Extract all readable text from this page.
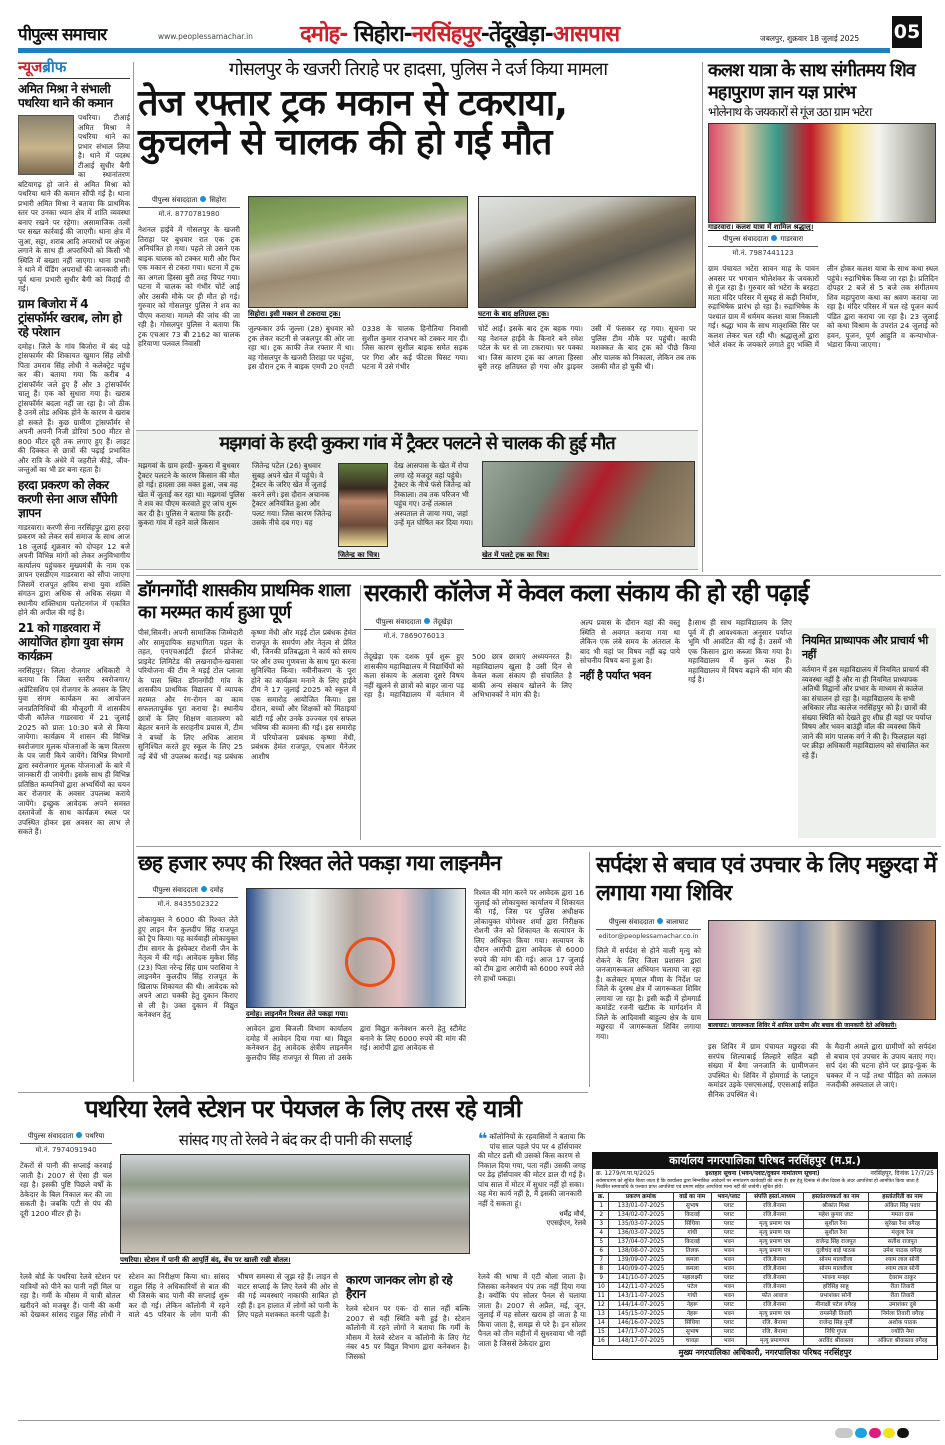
पीपुल्स समाचार	www.peoplessamachar.in दमोह- सिहोरा-नरसिंहपुर-तेंदूखेड़ा-आसपास	जबलपुर, शुक्रवार 18 जुलाई 2025 05
न्यूजब्रीफ
अमित मिश्रा ने संभाली पथरिया थाने की कमान
पथरिया। टीआई अमित मिश्रा ने पथरिया थाने का प्रभार संभाल लिया है। थाने में पदस्थ टीआई सुधीर बैगी का स्थानांतरण बटियागढ़ हो जाने से अमित मिश्रा को पथरिया थाने की कमान सौंपी गई है। थाना प्रभारी अमित मिश्रा ने बताया कि प्राथमिक स्तर पर उनका ध्यान क्षेत्र में शांति व्यवस्था बनाए रखने पर रहेगा। असामाजिक तत्वों पर सख्त कार्रवाई की जाएगी। थाना क्षेत्र में जुआ, सट्टा, शराब आदि अपराधों पर अंकुश लगाने के साथ ही अपराधियों को किसी भी स्थिति में बख्शा नहीं जाएगा। थाना प्रभारी ने थाने में पेंडिंग अपराधों की जानकारी ली। पूर्व थाना प्रभारी सुधीर बैगी को विदाई दी गई।
ग्राम बिजोरा में 4 ट्रांसफॉर्मर खराब, लोग हो रहे परेशान
दमोह। जिले के गांव बिजोरा में बंद पड़े ट्रांसफार्मर की शिकायत खुमान सिंह लोधी पिता उमराव सिंह लोधी ने कलेक्ट्रेट पहुंच कर की। बताया गया कि करीब 4 ट्रांसफॉर्मर जले हुए हैं और 3 ट्रांसफॉर्मर चालू हैं। एक को सुधारा गया है। खराब ट्रांसफॉर्मर बदला नहीं जा रहा है। जो ठीक है उनमें लोड अधिक होने के कारण वे खराब हो सकते हैं। कुछ ग्रामीण ट्रांसफॉर्मर से अपनी अपनी निजी डोरियां 500 मीटर से 800 मीटर दूरी तक लगाए हुए हैं। लाइट की दिक्कत से छात्रों की पढ़ाई प्रभावित और रात्रि के अंधेरे में जहरीले कीड़े, जीव-जन्तुओं का भी डर बना रहता है।
हरदा प्रकरण को लेकर करणी सेना आज सौंपेगी ज्ञापन
गाडरवारा। करणी सेना नरसिंहपुर द्वारा हरदा प्रकरण को लेकर सर्व समाज के साथ आज 18 जुलाई शुक्रवार को दोपहर 12 बजे अपनी विभिन्न मांगों को लेकर अनुविभागीय कार्यालय पहुंचकर मुख्यमंत्री के नाम एक ज्ञापन एसडीएम गाडरवारा को सौंपा जाएगा जिसमें राजपूत क्षत्रिय सभा युवा शक्ति संगठन द्वारा अधिक से अधिक संख्या में स्थानीय शक्तिधाम पलोटनगंज में एकत्रित होने की अपील की गई है।
21 को गाडरवारा में आयोजित होगा युवा संगम कार्यक्रम
नरसिंहपुर। जिला रोजगार अधिकारी ने बताया कि जिला स्तरीय स्वरोजगार/ अप्रेंटिसशिप एवं रोजगार के अवसर के लिए युवा संगम कार्यक्रम का आयोजन जनप्रतिनिधियों की मौजूदगी में शासकीय पीजी कॉलेज गाडरवारा में 21 जुलाई 2025 को प्रातः 10:30 बजे से किया जायेगा। कार्यक्रम में शासन की विभिन्न स्वरोजगार मूलक योजनाओं के ऋण वितरण के पत्र जारी किये जायेंगे। विभिन्न विभागों द्वारा स्वरोजगार मूलक योजनाओं के बारे में जानकारी दी जायेगी। इसके साथ ही विभिन्न प्रतिष्ठित कम्पनियों द्वारा अभ्यर्थियों का चयन कर रोजगार के अवसर उपलब्ध कराये जायेंगे। इच्छुक आवेदक अपने समस्त दस्तावेजों के साथ कार्यक्रम स्थल पर उपस्थित होकर इस अवसर का लाभ ले सकते हैं।
गोसलपुर के खजरी तिराहे पर हादसा, पुलिस ने दर्ज किया मामला
तेज रफ्तार ट्रक मकान से टकराया,
कुचलने से चालक की हो गई मौत
पीपुल्स संवाददाता सिहोरा
मो.नं. 8770781980
नेशनल हाईवे में गोसलपुर के खजरी तिराहा पर बुधवार रात एक ट्रक अनियंत्रित हो गया। पहले तो उसने एक बाइक चालक को टक्कर मारी और फिर एक मकान से टकरा गया। घटना में ट्रक का अगला हिस्सा बुरी तरह चिपट गया। घटना में चालक को गंभीर चोटें आई और उसकी मौके पर ही मौत हो गई। गुरुवार को गोसलपुर पुलिस ने शव का पीएम कराया। मामले की जांच की जा रही है। गोसलपुर पुलिस ने बताया कि ट्रक एचआर 73 बी 2162 का चालक हरियाणा पलवल निवासी
सिहोरा। इसी मकान से टकराया ट्रक।	घटना के बाद क्षतिग्रस्त ट्रक।
जुल्फकार उर्फ जुल्ला (28) बुधवार को ट्रक लेकर कटनी से जबलपुर की ओर जा रहा था। ट्रक काफी तेज रफ्तार में था। वह गोसलपुर के खजरी तिराहा पर पहुंचा, इस दौरान ट्रक ने बाइक एमपी 20 एनटी 0338 के चालक हिनौतिया निवासी सुशील कुमार राजभर को टक्कर मार दी। जिस कारण सुशील बाइक समेत सड़क पर गिरा और कई फीटस घिसट गया। घटना में उसे गंभीर
चोटें आईं। इसके बाद ट्रक बहक गया। यह नेशनल हाईवे के किनारे बने रमेश पटेल के घर से जा टकराया। घर पक्का था। जिस कारण ट्रक का अगला हिस्सा बुरी तरह क्षतिग्रस्त हो गया और ड्राइवर उसी में फंसकर रह गया। सूचना पर पुलिस टीम मौके पर पहुंची। काफी मशक्कत के बाद ट्रक को पीछे किया और चालक को निकाला, लेकिन तब तक उसकी मौत हो चुकी थी।
मझगवां के हरदी कुकरा गांव में ट्रैक्टर पलटने से चालक की हुई मौत
मझगवां के ग्राम हरदी- कुकरा में बुधवार ट्रैक्टर पलटने के कारण किसान की मौत हो गई। हादसा उस वक्त हुआ, जब वह खेत में जुताई कर रहा था। मझगवां पुलिस ने शव का पीएम करवाते हुए जांच शुरू कर दी है। पुलिस ने बताया कि हरदी- कुकरा गांव में रहने वाले किसान
जितेन्द्र पटेल (26) बुधवार सुबह अपने खेत में पहुंचे। वे ट्रैक्टर के जरिए खेत में जुताई करने लगे। इस दौरान अचानक ट्रैक्टर अनियंत्रित हुआ और पलट गया। जिस कारण जितेन्द्र उसके नीचे दब गए। यह
जितेन्द्र का चित्र।
देख आसपास के खेत में रोपा लगा रहे मजदूर वहां पहुंचे। ट्रैक्टर के नीचे फंसे जितेन्द्र को निकाला। तब तक परिजन भी पहुंच गए। उन्हें तत्काल अस्पताल ले जाया गया, जहां उन्हें मृत घोषित कर दिया गया।
खेत में पलटे ट्रक का चित्र।
कलश यात्रा के साथ संगीतमय शिव महापुराण ज्ञान यज्ञ प्रारंभ
भोलेनाथ के जयकारों से गूंज उठा ग्राम भटेरा
गाडरवारा। कलश यात्रा में शामिल श्रद्धालु।
पीपुल्स संवाददाता गाडरवारा
मो.नं. 7987441123
ग्राम पंचायत भटेरा सावन माह के पावन अवसर पर भगवान भोलेशंकर के जयकारों से गूंज रहा है। गुरुवार को भटेरा के बरहटा माता मंदिर परिसर में सुबह से कड़ी निर्माण, रुद्राभिषेक प्रारंभ हो रहा है। रुद्राभिषेक के पश्चात ग्राम में धर्ममय कलश यात्रा निकाली गई। श्रद्धा भाव के साथ मातृशक्ति सिर पर कलश लेकर चल रही थी। श्रद्धालुओं द्वारा भोले शंकर के जयकारे लगाते हुए भक्ति में लीन होकर कलश यात्रा के साथ कथा स्थल पहुंचे। रुद्राभिषेक किया जा रहा है। प्रतिदिन दोपहर 2 बजे से 5 बजे तक संगीतमय शिव महापुराण कथा का श्रवण कराया जा रहा है। मंदिर परिसर में चल रहे पूजन कार्य पंडित द्वारा कराया जा रहा है। 23 जुलाई को कथा विश्राम के उपरांत 24 जुलाई को हवन, पूजन, पूर्ण आहुति व कन्याभोज-भंडारा किया जाएगा।
डॉगनगोंदी शासकीय प्राथमिक शाला का मरम्मत कार्य हुआ पूर्ण
पीसं,सिवनी। अपनी सामाजिक जिम्मेदारी और सामुदायिक सहभागिता पहल के तहत, एनएचआईटी ईस्टर्न प्रोजेक्ट प्राइवेट लिमिटेड की लखनादौन-खवासा परियोजना की टीम ने मड़ई टोल प्लाजा के पास स्थित डॉगनगोंदी गांव के शासकीय प्राथमिक विद्यालय में व्यापक मरम्मत और रंग-रोगन का काम सफलतापूर्वक पूरा कराया है। स्थानीय छात्रों के लिए शिक्षण वातावरण को बेहतर बनाने के सराहनीय प्रयास में, टीम ने बच्चों के लिए अधिक आराम सुनिश्चित करते हुए स्कूल के लिए 25 नई बेंचें भी उपलब्ध कराईं। यह प्रबंधक कृष्णा मेंधी और मड़ई टोल प्रबंधक हेमंत राजपूत के समर्पण और नेतृत्व से प्रेरित थी, जिनकी प्रतिबद्धता ने कार्य को समय पर और उच्च गुणवत्ता के साथ पूरा करना सुनिश्चित किया। नवीनीकरण के पूरा होने का कार्यक्रम मनाने के लिए हाईवे टीम ने 17 जुलाई 2025 को स्कूल में एक समारोह आयोजित किया। इस दौरान, बच्चों और शिक्षकों को मिठाइयां बांटी गई और उनके उज्ज्वल एवं सफल भविष्य की कामना की गई। इस समारोह में परियोजना प्रबंधक कृष्णा मेंधी, प्रबंधक हेमंत राजपूत, एचआर मैनेजर आशीष
सरकारी कॉलेज में केवल कला संकाय की हो रही पढ़ाई
पीपुल्स संवाददाता तेंदूखेड़ा
मो.नं. 7869076013
तेंदूखेड़ा एक दशक पूर्व शुरू हुए शासकीय महाविद्यालय में विद्यार्थियों को कला संकाय के अलावा दूसरे विषय नहीं खुलने से छात्रों को बाहर जाना पड़ रहा है। महाविद्यालय में वर्तमान में 500 छात्र छात्राएं अध्ययनरत हैं। महाविद्यालय खुला है उसी दिन से केवल कला संकाय ही संचालित है बाकी अन्य संकाय खोलने के लिए अभिभावकों ने मांग की है।
अल्प प्रवास के दौरान यहां की वस्तु स्थिति से अवगत कराया गया था लेकिन एक लंबे समय के अंतराल के बाद भी यहां पर विषय नहीं बढ़ पाये सोचनीय विषय बना हुआ है।
नहीं है पर्याप्त भवन
है।साथ ही साथ महाविद्यालय के लिए पूर्व में ही आवश्यकता अनुसार पर्याप्त भूमि भी आवंटित की गई है। उसमें भी एक किसान द्वारा कब्जा किया गया है। महाविद्यालय में कुल कक्ष हैं। महाविद्यालय में विषय बढ़ाने की मांग की गई है।
नियमित प्राध्यापक और प्राचार्य भी नहीं
वर्तमान में इस महाविद्यालय में नियमित प्राचार्य की व्यवस्था नहीं है और ना ही नियमित प्राध्यापक अतिथी विद्वानों और प्रभार के माध्यम से कालेज का संचालन हो रहा है। महाविद्यालय के सभी अधिकार लीड कालेज नरसिंहपुर को है। छात्रों की संख्या स्थिति को देखते हुए शीघ्र ही यहां पर पर्याप्त विषय और भवन बाउंड्री वॉल की व्यवस्था किये जाने की मांग पालक वर्ग ने की है। फिलहाल यहां पर क्रीड़ा अधिकारी महाविद्यालय को संचालित कर रहे हैं।
छह हजार रुपए की रिश्वत लेते पकड़ा गया लाइनमैन
पीपुल्स संवाददाता दमोह
मो.नं. 8435502322
लोकायुक्त ने 6000 की रिश्वत लेते हुए लाइन मैन कुलदीप सिंह राजपूत को ट्रैप किया। यह कार्यवाही लोकायुक्त टीम सागर के इंस्पेक्टर रोशनी जैन के नेतृत्व में की गई। आवेदक मुकेश सिंह (23) पिता नरेन्द्र सिंह ग्राम परासिया ने लाइनमैन कुलदीप सिंह राजपूत के खिलाफ शिकायत की थी। आवेदक को अपने आटा चक्की हेतु दुकान किराए से ली है। उक्त दुकान में विद्युत कनेक्शन हेतु	दमोह। लाइनमैन रिश्वत लेते पकड़ा गया।
आवेदन द्वारा बिजली विभाग कार्यालय दमोह में आवेदन दिया गया था। विद्युत कनेक्शन हेतु आवेदक क्षेत्रीय लाइनमैन कुलदीप सिंह राजपूत से मिला तो उसके द्वारा विद्युत कनेक्शन करने हेतु स्टीमेट बनाने के लिए 6000 रुपये की मांग की गई। आरोपी द्वारा आवेदक से
रिश्वत की मांग करने पर आवेदक द्वारा 16 जुलाई को लोकायुक्त कार्यालय में शिकायत की गई, जिस पर पुलिस अधीक्षक लोकायुक्त योगेश्वर शर्मा द्वारा निरीक्षक रोशनी जैन को शिकायत के सत्यापन के लिए अधिकृत किया गया। सत्यापन के दौरान आरोपी द्वारा आवेदक से 6000 रुपये की मांग की गई। आज 17 जुलाई को टीम द्वारा आरोपी को 6000 रुपये लेते रंगे हाथों पकड़ा।
सर्पदंश से बचाव एवं उपचार के लिए मछुरदा में लगाया गया शिविर
पीपुल्स संवाददाता बालाघाट
editor@peoplessamachar.co.in
जिले में सर्पदंश से होने वाली मृत्यु को रोकने के लिए जिला प्रशासन द्वारा जनजागरूकता अभियान चलाया जा रहा है। कलेक्टर मृणाल मीणा के निर्देश पर जिले के दुरस्थ क्षेत्र में जागरूकता शिविर लगाया जा रहा है। इसी कड़ी में होमगार्ड कमांडेंट रजनी खटीक के मार्गदर्शन में जिले के आदिवासी बाहुल्य क्षेत्र के ग्राम मछुरदा में जागरूकता शिविर लगाया गया।
बालाघाट। जागरूकता शिविर में शामिल ग्रामीण और बचाव की जानकारी देते अधिकारी।
इस शिविर में ग्राम पंचायत मछुरदा की सरपंच शिल्पाबाई लिल्हारे सहित बड़ी संख्या में बैगा जनजाति के ग्रामीणजन उपस्थित थे। शिविर में होमगार्ड के प्लाटून कमांडर उइके एसएसआई, एएसआई सहित सैनिक उपस्थित थे।
के मैदानी अमले द्वारा ग्रामीणों को सर्पदंश से बचाव एवं उपचार के उपाय बताए गए। सर्प दंश की घटना होने पर झाड़-फूंक के चक्कर में न पड़ें तथा पीड़ित को तत्काल नजदीकी अस्पताल ले जाएं।
पथरिया रेलवे स्टेशन पर पेयजल के लिए तरस रहे यात्री
पीपुल्स संवाददाता पथरिया
मो.नं. 7974091940
टेंकरों से पानी की सप्लाई करवाई जाती है। 2007 से ऐसा ही चल रहा है। इसकी पुष्टि पिछले वर्षों के ठेकेदार के बिल निकाल कर की जा सकती है। जबकि एटी से पंप की दूरी 1200 मीटर ही है।
सांसद गए तो रेलवे ने बंद कर दी पानी की सप्लाई
पथरिया। स्टेशन में पानी की आपूर्ति बंद, बेंच पर खाली रखी बोतल।
रेलवे बोर्ड के पथरिया रेलवे स्टेशन पर यात्रियों को पीने का पानी नहीं मिल पा रहा है। गर्मी के मौसम में यात्री बोतल खरीदने को मजबूर हैं। पानी की कमी को देखकर सांसद राहुल सिंह लोधी ने स्टेशन का निरीक्षण किया था। सांसद राहुल सिंह ने अधिकारियों से बात की थी जिसके बाद पानी की सप्लाई शुरू कर दी गई। लेकिन कॉलोनी में रहने वाले 45 परिवार के लोग पानी की भीषण समस्या से जूझ रहे हैं। लाइन से वाटर सप्लाई के लिए रेलवे की ओर से की गई व्यवस्थाएं नाकाफी साबित हो रही हैं। इन हालात में लोगों को पानी के लिए पहले मशक्कत करनी पड़ती है।
कारण जानकर लोग हो रहे हैरान
रेलवे स्टेशन पर एक- दो साल नहीं बल्कि 2007 से यही स्थिति बनी हुई है। स्टेशन कॉलोनी में रहने लोगों ने बताया कि गर्मी के मौसम में रेलवे स्टेशन व कॉलोनी के लिए गेट नंबर 45 पर विद्युत विभाग द्वारा कनेक्शन है। जिसको
रेलवे की भाषा में एटी बोला जाता है। जिसका कनेक्शन पंप तक नहीं दिया गया है। क्योंकि पंप सोलर पैनल से चलाया जाता है। 2007 से अप्रैल, मई, जून, जुलाई में यह सोलर खराब हो जाता है या किया जाता है, समझ से परे है। इन सोलर पैनल को तीन महीनों में सुधरवाया भी नहीं जाता है जिससे ठेकेदार द्वारा
❝ कॉलोनियों के रहवासियों ने बताया कि पांच साल पहले पंप पर 4 हॉर्सपावर की मोटर डली थी उसको किस कारण से निकाल दिया गया, पता नहीं। उसकी जगह पर डेढ़ हॉर्सपावर की मोटर डाल दी गई है। पांच साल में मोटर में सुधार नहीं हो सका। यह मेरा कार्य नहीं है, मैं इसकी जानकारी नहीं दे सकता हूं।
धर्मेंद्र मौर्य,
एएसईएन, रेलवे
कार्यालय नगरपालिका परिषद नरसिंहपुर (म.प्र.)
क्र. 1279/न.पा.प/2025	इश्तहार सूचना (भवन/प्लाट/दुकान नामांतरण सूचना)	नरसिंहपुर, दिनांक 17/7/25
सर्वसाधारण को सूचित किया जाता है कि कार्यालय द्वारा निम्नांकित आवेदनों पर नामांतरण कार्यवाही की जाना है। इस हेतु दिनांक से तीस दिवस के अंदर आपत्तियां हो आमंत्रित किया जाता है निर्धारित समयावधि के पश्चात प्राप्त आपत्तियां एवं प्रमाण सहित आपत्तियां मान्य नहीं की जावेगी। सूचित होवें।
क्र.	प्रकरण क्रमांक	वार्ड का नाम	भवन/प्लाट	संपत्ति हस्तां.माध्यम	हस्तांतरणकर्ता का नाम	हस्तांतरिती का नाम
1	133/01-07-2025	सुभाष	प्लाट	रजि.बैनामा	श्रीकांत मिश्रा	अंकित सिंह पवार
2	134/02-07-2025	किदवई	प्लाट	रजि.बैनामा	महेश कुमार जाट	ममता दास
3	135/03-07-2025	सिंधिया	प्लाट	मृत्यु प्रमाण पत्र	सुशील रैना	सुरेखा रैना वगैरह
4	136/03-07-2025	गांधी	प्लाट	मृत्यु प्रमाण पत्र	सुशील रैना	मंजुला रैना
5	137/04-07-2025	किदवई	भवन	मृत्यु प्रमाण पत्र	राजेन्द्र सिंह राजपूत	सतीश राजपूत
6	138/08-07-2025	तिलक	भवन	मृत्यु प्रमाण पत्र	दुलीचंद बाई पाठक	उमेश पाठक वगैरह
7	139/09-07-2025	कमला	भवन	रजि.बैनामा	सोनम मालवीजा	श्याम लाल सोनी
8	140/09-07-2025	कमला	भवन	रजि.बैनामा	सोनम मालवीजा	श्याम लाल सोनी
9	141/10-07-2025	महालक्ष्मी	प्लाट	रजि.बैनामा	भावना मनहर	देवराम ठाकुर
10	142/11-07-2025	पटेल	भवन	रजि.बैनामा	हरिसिंह साहू	रीता तिवारी
11	143/11-07-2025	गांधी	भवन	फौत आवाज	प्रभाशंकर सोनी	रीता तिवारी
12	144/14-07-2025	नेहरू	प्लाट	रजि.बैनामा	मीनाक्षी पटेल वगैरह	उमाशंकर दुबे
13	145/15-07-2025	नेहरू	भवन	मृत्यु प्रमाण पत्र	रामस्नेही तिवारी	निर्मला तिवारी वगैरह
14	146/16-07-2025	सिंधिया	प्लाट	रजि. बैनामा	राजेन्द्र सिंह नूर्मी	अशोक पाठक
15	147/17-07-2025	सुभाष	प्लाट	रजि. बैनामा	निधि गुप्ता	ज्योति नेमा
16	148/17-07-2025	चावड़ा	भवन	मृत्यु प्रमाणपत्र	अरविंद श्रीवास्तव	अंकिता श्रीवास्तव वगैरह
मुख्य नगरपालिका अधिकारी, नगरपालिका परिषद नरसिंहपुर
